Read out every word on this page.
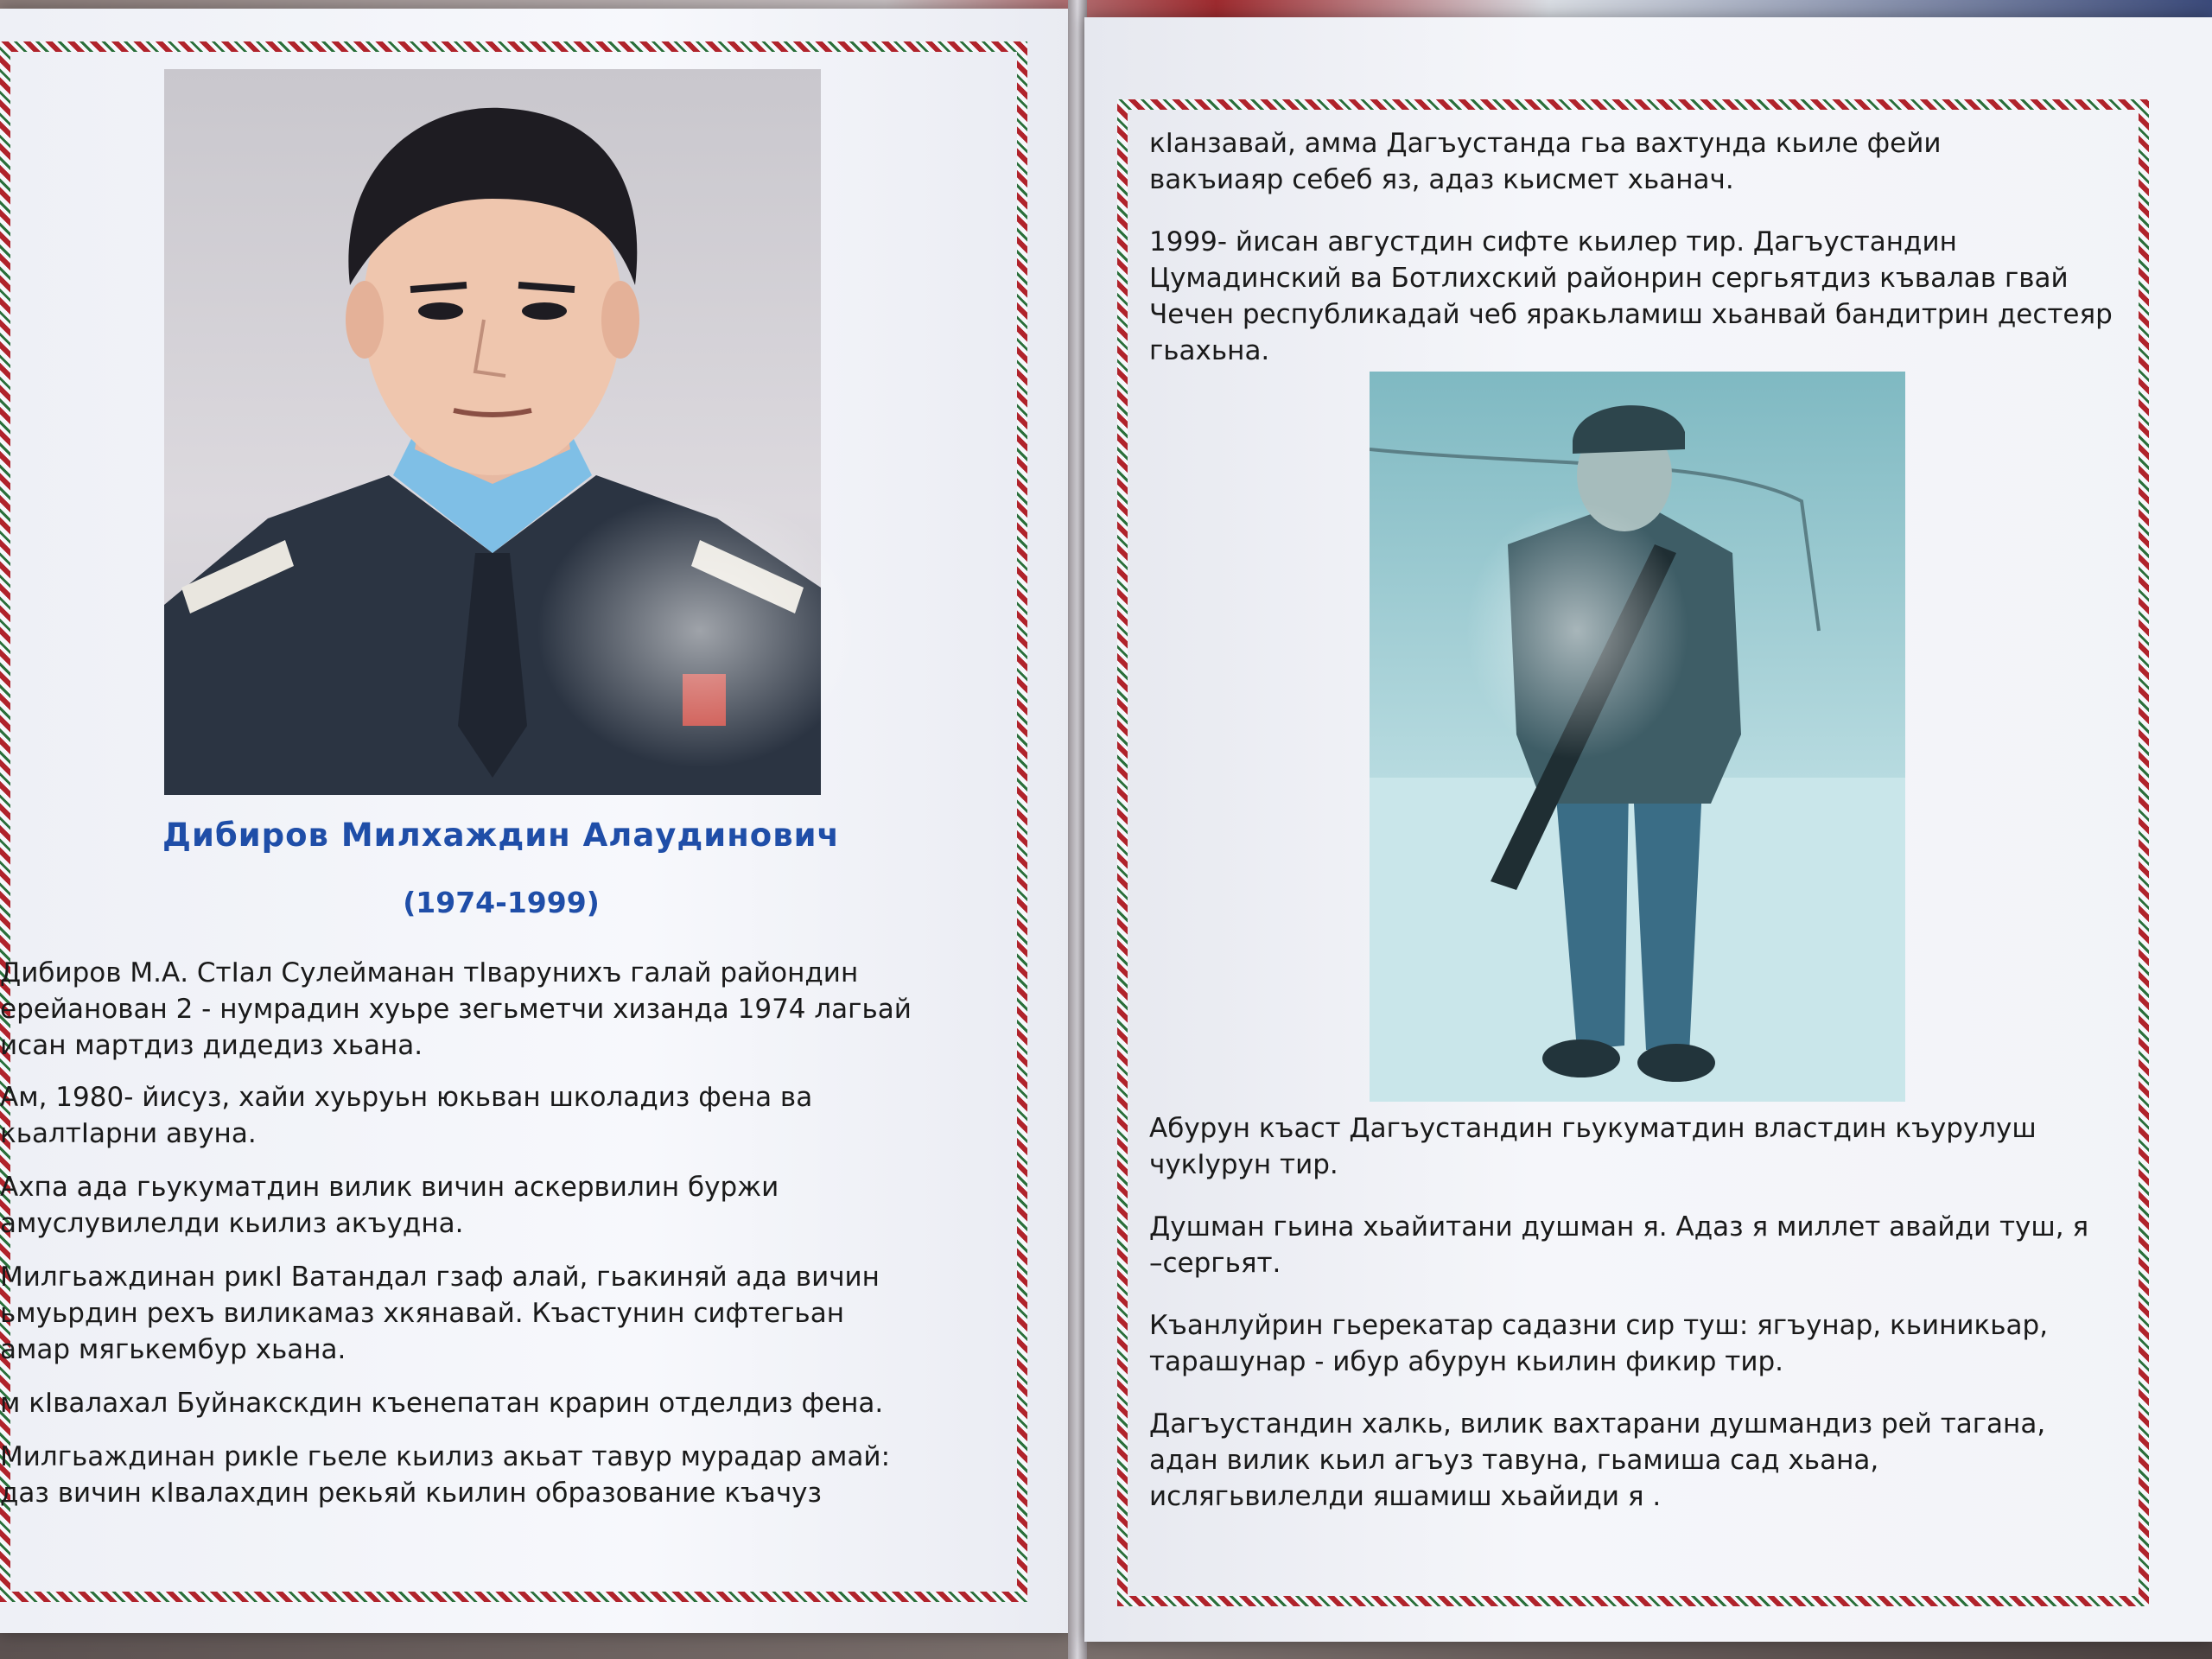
Дибиров Милхаждин Алаудинович
(1974-1999)

Дибиров М.А. СтIал Сулейманан тIварунихъ галай райондин
ерейанован 2 - нумрадин хуьре зегьметчи хизанда 1974 лагьай
исан мартдиз дидедиз хьана.

Ам, 1980- йисуз, хайи хуьруьн юкьван школадиз фена ва
кьалтIарни авуна.

Ахпа ада гьукуматдин вилик вичин аскервилин буржи
амуслувилелди кьилиз акъудна.

Милгьаждинан рикI Ватандал гзаф алай, гьакиняй ада вичин
ьмуьрдин рехъ виликамаз хкянавай. Къастунин сифтегьан
амар мягькембур хьана.

м кIвалахал Буйнакскдин къенепатан крарин отделдиз фена.

Милгьаждинан рикIe гьеле кьилиз акьат тавур мурадар амай:
даз вичин кIвалахдин рекьяй кьилин образование къачуз

кIанзавай, амма Дагъустанда гьа вахтунда кьиле фейи
вакъиаяр себеб яз, адаз кьисмет хьанач.

1999- йисан августдин сифте кьилер тир. Дагъустандин
Цумадинский ва Ботлихский районрин сергьятдиз къвалав гвай
Чечен республикадай чеб яракьламиш хьанвай бандитрин дестеяр
гьахьна.

Абурун къаст Дагъустандин гьукуматдин властдин къурулуш
чукIурун тир.

Душман гьина хьайитани душман я. Адаз я миллет авайди туш, я
–сергьят.

Къанлуйрин гьерекатар садазни сир туш: ягъунар, кьиникьар,
тарашунар - ибур абурун кьилин фикир тир.

Дагъустандин халкь, вилик вахтарани душмандиз рей тагана,
адан вилик кьил агъуз тавуна, гьамиша сад хьана,
ислягьвилелди яшамиш хьайиди я .
